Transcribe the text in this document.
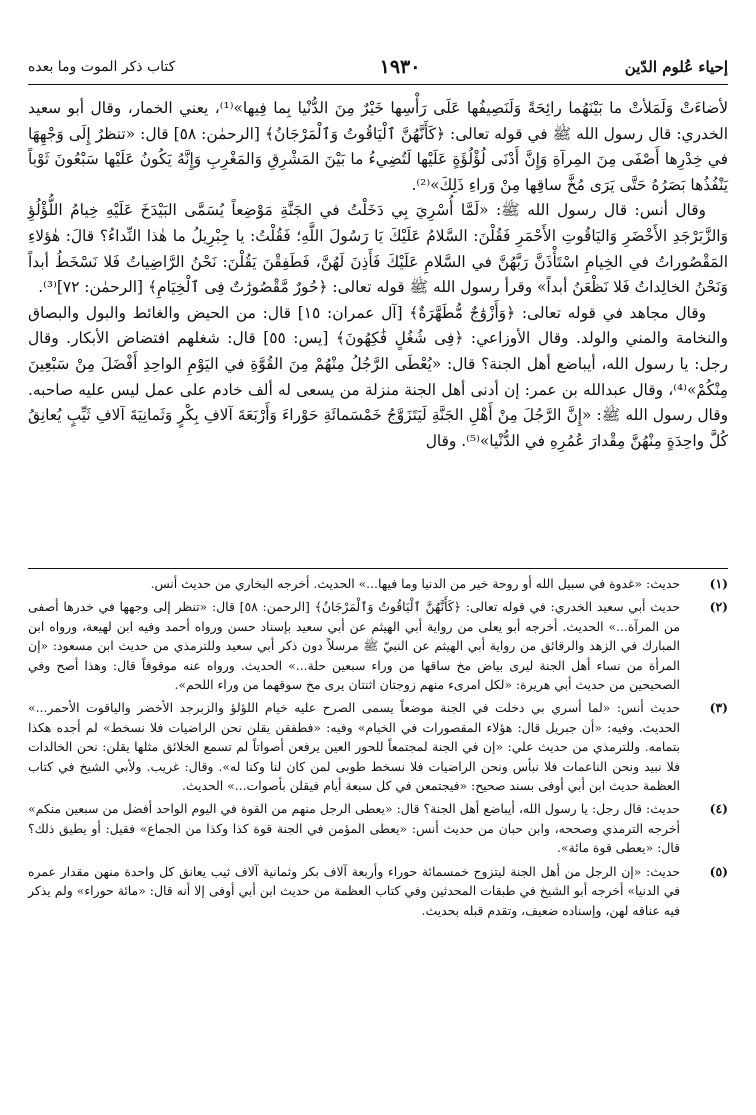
إحياء عُلوم الدّين
١٩٣٠
كتاب ذكر الموت وما بعده

لأضاءَتْ وَلَمَلأتْ ما بَيْنَهُما رائِحَةً وَلَنَصِيفُها عَلَى رَأْسِها خَيْرٌ مِنَ الدُّنْيا بِما فِيها»⁽¹⁾، يعني الخمار، وقال أبو سعيد الخدري: قال رسول الله ﷺ في قوله تعالى: ﴿كَأَنَّهُنَّ ٱلْيَاقُوتُ وَٱلْمَرْجَانُ﴾ [الرحمٰن: ٥٨] قال: «تنظرُ إِلَى وَجْهِهَا في خِدْرِها أَصْفَى مِنَ المِرآةِ وَإِنَّ أَدْنَى لُؤْلُؤَةٍ عَلَيْها لَتُضِيءُ ما بَيْنَ المَشْرِقِ وَالمَغْرِبِ وَإِنَّهُ يَكُونُ عَلَيْها سَبْعُونَ ثَوْباً يَنْفُذُها بَصَرُهُ حَتَّى يَرَى مُخَّ ساقِها مِنْ وَراءِ ذَلِكَ»⁽²⁾.

وقال أنس: قال رسول الله ﷺ: «لَمَّا أُسْرِيَ بِي دَخَلْتُ في الجَنَّةِ مَوْضِعاً يُسَمَّى البَيْدَخَ عَلَيْهِ خِيامُ اللُّؤْلُؤِ وَالزَّبَرْجَدِ الأَخْضَرِ وَاليَاقُوتِ الأَحْمَرِ فَقُلْنَ: السَّلامُ عَلَيْكَ يَا رَسُولَ اللَّهِ؛ فَقُلْتُ: يا جِبْرِيلُ ما هٰذا النِّداءُ؟ قالَ: هٰؤلاءِ المَقْصُوراتُ في الخِيامِ اسْتَأْذَنَّ رَبَّهُنَّ في السَّلامِ عَلَيْكَ فَأَذِنَ لَهُنَّ، فَطَفِقْنَ يَقُلْنَ: نَحْنُ الرَّاضِياتُ فَلا نَسْخَطُ أبداً وَنَحْنُ الخالِداتُ فَلا نَظْعَنُ أبداً» وقرأ رسول الله ﷺ قوله تعالى: ﴿حُورٌ مَّقْصُورَٰتٌ فِى ٱلْخِيَامِ﴾ [الرحمٰن: ٧٢]⁽³⁾.

وقال مجاهد في قوله تعالى: ﴿وَأَزْوَٰجٌ مُّطَهَّرَةٌ﴾ [آل عمران: ١٥] قال: من الحيض والغائط والبول والبصاق والنخامة والمني والولد. وقال الأوزاعي: ﴿فِى شُغُلٍ فَٰكِهُونَ﴾ [يس: ٥٥] قال: شغلهم افتضاض الأبكار. وقال رجل: يا رسول الله، أيباضع أهل الجنة؟ قال: «يُعْطَى الرَّجُلُ مِنْهُمْ مِنَ القُوَّةِ في اليَوْمِ الواحِدِ أَفْضَلَ مِنْ سَبْعِينَ مِنْكُمْ»⁽⁴⁾، وقال عبدالله بن عمر: إن أدنى أهل الجنة منزلة من يسعى له ألف خادم على عمل ليس عليه صاحبه. وقال رسول الله ﷺ: «إِنَّ الرَّجُلَ مِنْ أَهْلِ الجَنَّةِ لَيَتَزَوَّجُ خَمْسَمائَةِ حَوْراءَ وَأَرْبَعَةَ آلافِ بِكْرٍ وَثَمانِيَةَ آلافِ ثَيِّبٍ يُعانِقُ كُلَّ واحِدَةٍ مِنْهُنَّ مِقْدارَ عُمُرِهِ في الدُّنْيا»⁽⁵⁾. وقال

(١)
حديث: «غدوة في سبيل الله أو روحة خير من الدنيا وما فيها...» الحديث. أخرجه البخاري من حديث أنس.
(٢)
حديث أبي سعيد الخدري: في قوله تعالى: ﴿كَأَنَّهُنَّ ٱلْيَاقُوتُ وَٱلْمَرْجَانُ﴾ [الرحمن: ٥٨] قال: «تنظر إلى وجهها في خدرها أصفى من المرآة...» الحديث. أخرجه أبو يعلى من رواية أبي الهيثم عن أبي سعيد بإسناد حسن ورواه أحمد وفيه ابن لهيعة، ورواه ابن المبارك في الزهد والرقائق من رواية أبي الهيثم عن النبيّ ﷺ مرسلاً دون ذكر أبي سعيد وللترمذي من حديث ابن مسعود: «إن المرأة من نساء أهل الجنة ليرى بياض مخ ساقها من وراء سبعين حلة...» الحديث. ورواه عنه موقوفاً قال: وهذا أصح وفي الصحيحين من حديث أبي هريرة: «لكل امرىء منهم زوجتان اثنتان يرى مخ سوقهما من وراء اللحم».
(٣)
حديث أنس: «لما أسري بي دخلت في الجنة موضعاً يسمى الصرح عليه خيام اللؤلؤ والزبرجد الأخضر والياقوت الأحمر...» الحديث. وفيه: «أن جبريل قال: هؤلاء المقصورات في الخيام» وفيه: «فطفقن يقلن نحن الراضيات فلا نسخط» لم أجده هكذا بتمامه. وللترمذي من حديث علي: «إن في الجنة لمجتمعاً للحور العين يرفعن أصواتاً لم تسمع الخلائق مثلها يقلن: نحن الخالدات فلا نبيد ونحن الناعمات فلا نبأس ونحن الراضيات فلا نسخط طوبى لمن كان لنا وكنا له». وقال: غريب. ولأبي الشيخ في كتاب العظمة حديث ابن أبي أوفى بسند صحيح: «فيجتمعن في كل سبعة أيام فيقلن بأصوات...» الحديث.
(٤)
حديث: قال رجل: يا رسول الله، أيباضع أهل الجنة؟ قال: «يعطى الرجل منهم من القوة في اليوم الواحد أفضل من سبعين منكم» أخرجه الترمذي وصححه، وابن حبان من حديث أنس: «يعطى المؤمن في الجنة قوة كذا وكذا من الجماع» فقيل: أو يطيق ذلك؟ قال: «يعطى قوة مائة».
(٥)
حديث: «إن الرجل من أهل الجنة ليتزوج خمسمائة حوراء وأربعة آلاف بكر وثمانية آلاف ثيب يعانق كل واحدة منهن مقدار عمره في الدنيا» أخرجه أبو الشيخ في طبقات المحدثين وفي كتاب العظمة من حديث ابن أبي أوفى إلا أنه قال: «مائة حوراء» ولم يذكر فيه عناقه لهن، وإسناده ضعيف، وتقدم قبله بحديث.
